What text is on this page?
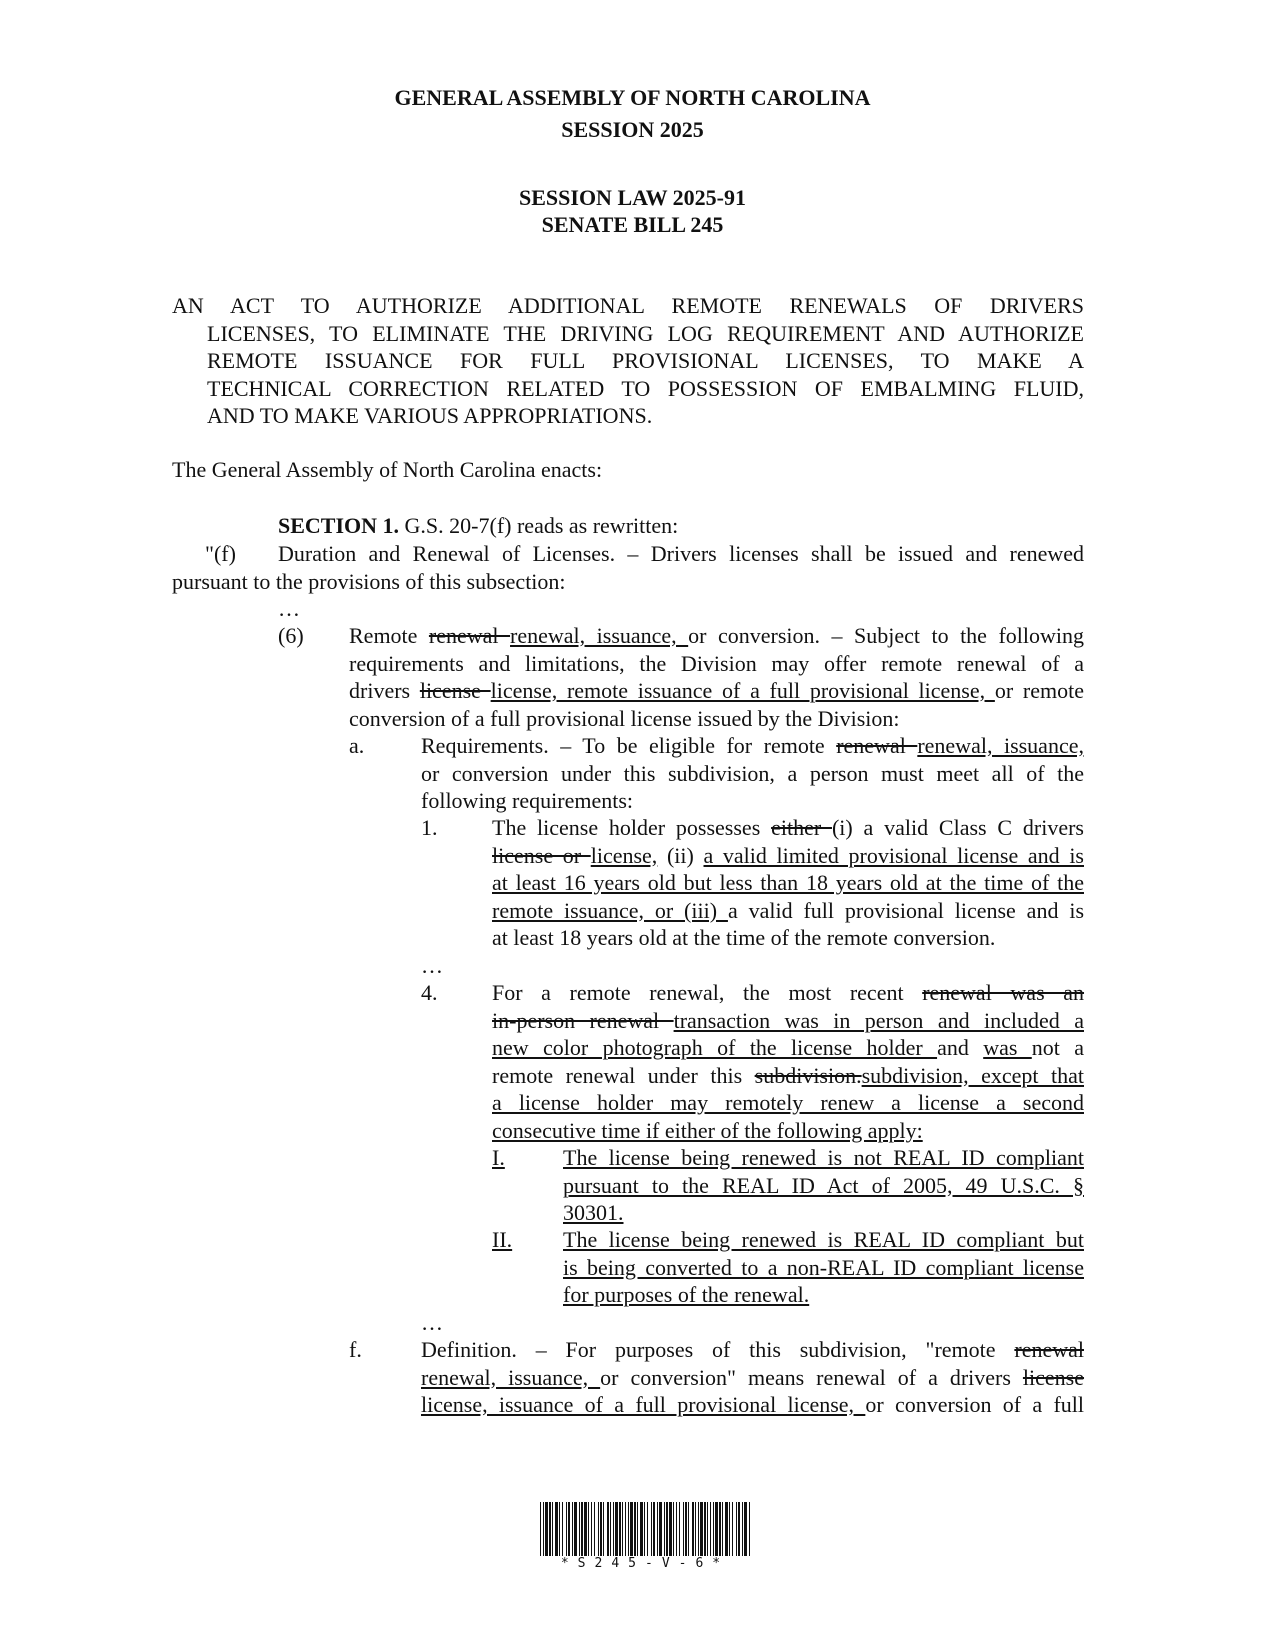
GENERAL ASSEMBLY OF NORTH CAROLINA
SESSION 2025
SESSION LAW 2025-91
SENATE BILL 245
AN ACT TO AUTHORIZE ADDITIONAL REMOTE RENEWALS OF DRIVERS
LICENSES, TO ELIMINATE THE DRIVING LOG REQUIREMENT AND AUTHORIZE
REMOTE ISSUANCE FOR FULL PROVISIONAL LICENSES, TO MAKE A
TECHNICAL CORRECTION RELATED TO POSSESSION OF EMBALMING FLUID,
AND TO MAKE VARIOUS APPROPRIATIONS.
The General Assembly of North Carolina enacts:
SECTION 1. G.S. 20-7(f) reads as rewritten:
"(f) Duration and Renewal of Licenses. – Drivers licenses shall be issued and renewed
pursuant to the provisions of this subsection:
…
(6) Remote renewal renewal, issuance, or conversion. – Subject to the following
requirements and limitations, the Division may offer remote renewal of a
drivers license license, remote issuance of a full provisional license, or remote
conversion of a full provisional license issued by the Division:
a.	Requirements. – To be eligible for remote renewal renewal, issuance,
or conversion under this subdivision, a person must meet all of the
following requirements:
1. The license holder possesses either (i) a valid Class C drivers
license or license, (ii) a valid limited provisional license and is
at least 16 years old but less than 18 years old at the time of the
remote issuance, or (iii) a valid full provisional license and is
at least 18 years old at the time of the remote conversion.
…
4. For a remote renewal, the most recent renewal was an
in-person renewal transaction was in person and included a
new color photograph of the license holder and was not a
remote renewal under this subdivision.subdivision, except that
a license holder may remotely renew a license a second
consecutive time if either of the following apply:
I.	The license being renewed is not REAL ID compliant
pursuant to the REAL ID Act of 2005, 49 U.S.C. §
30301.
II. The license being renewed is REAL ID compliant but
is being converted to a non-REAL ID compliant license
for purposes of the renewal.
…
f.	Definition. – For purposes of this subdivision, "remote renewal
renewal, issuance, or conversion" means renewal of a drivers license
license, issuance of a full provisional license, or conversion of a full
*S245-V-6*
